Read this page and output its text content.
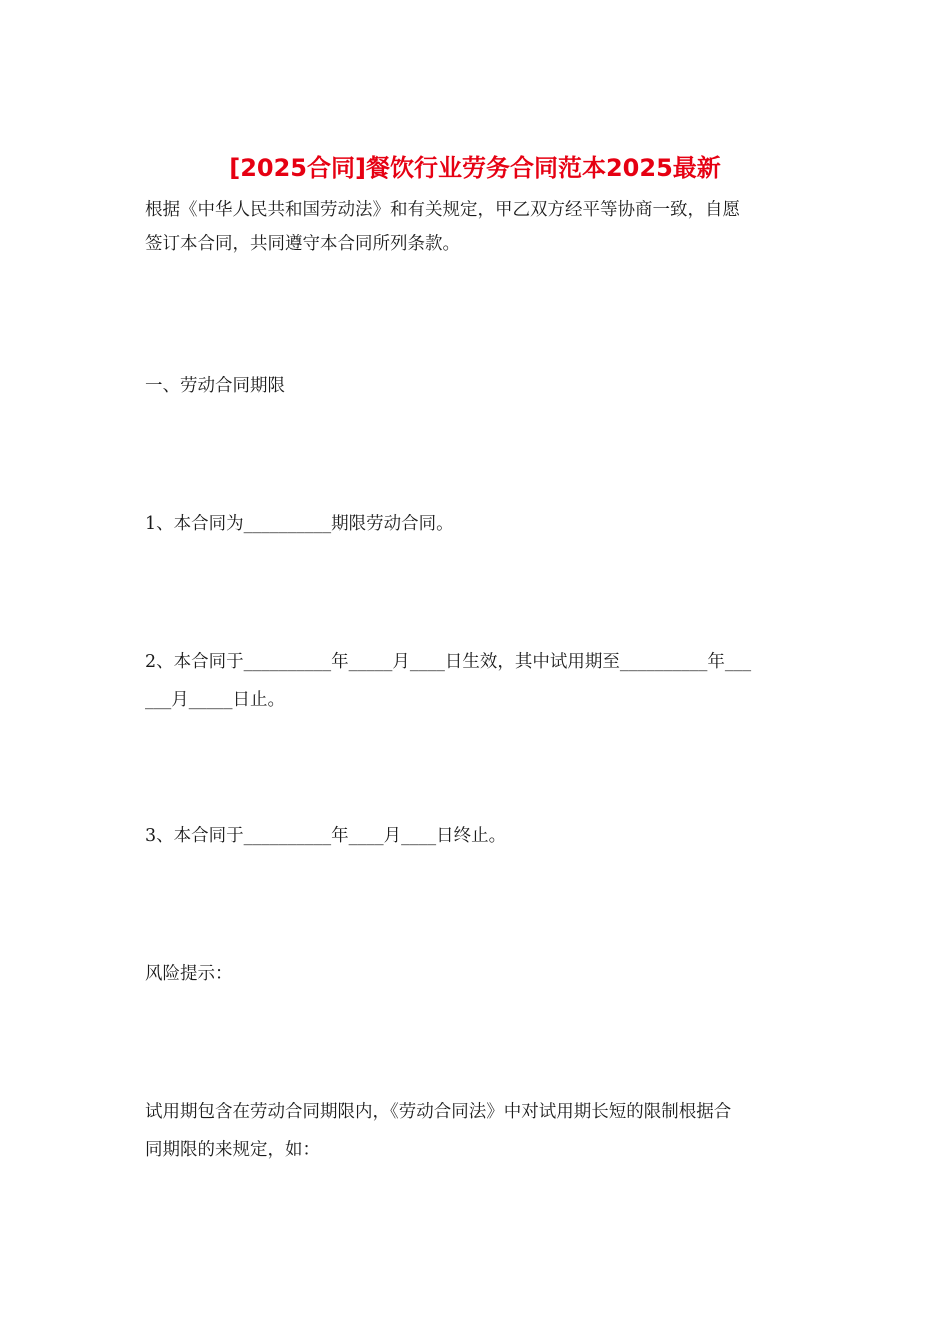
[2025合同]餐饮行业劳务合同范本2025最新

根据《中华人民共和国劳动法》和有关规定，甲乙双方经平等协商一致，自愿

签订本合同，共同遵守本合同所列条款。

一、劳动合同期限

1、本合同为__________期限劳动合同。

2、本合同于__________年_____月____日生效，其中试用期至__________年___

___月_____日止。

3、本合同于__________年____月____日终止。

风险提示：

试用期包含在劳动合同期限内，《劳动合同法》中对试用期长短的限制根据合

同期限的来规定，如：
